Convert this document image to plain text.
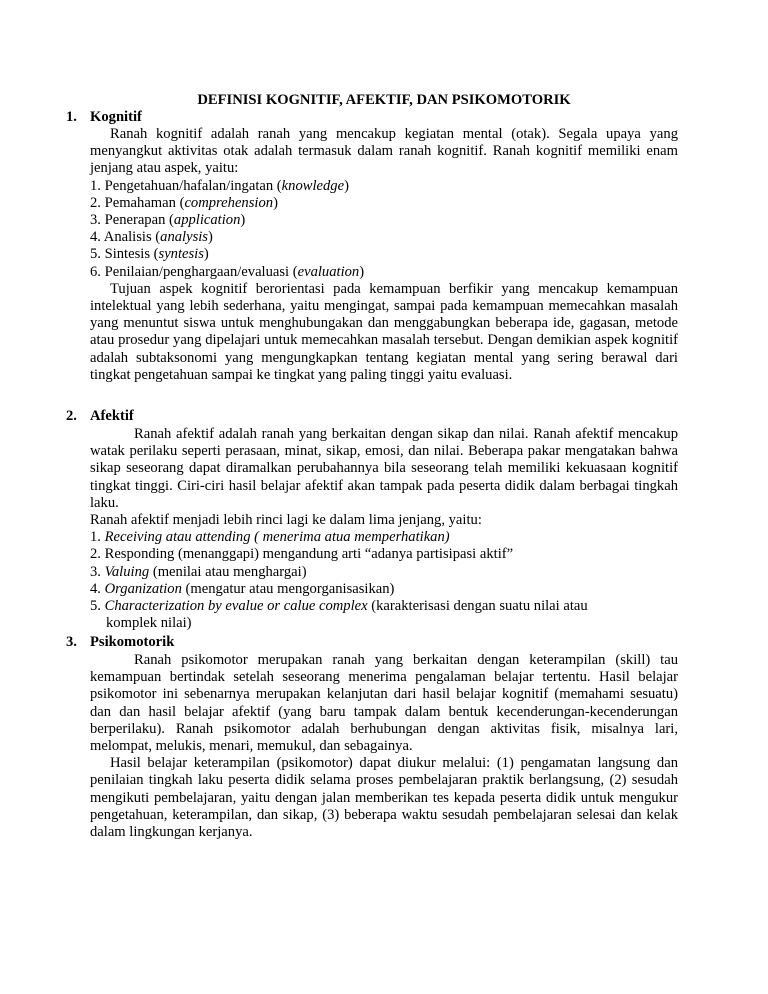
DEFINISI KOGNITIF, AFEKTIF, DAN PSIKOMOTORIK
1. Kognitif

Ranah kognitif adalah ranah yang mencakup kegiatan mental (otak). Segala upaya yang menyangkut aktivitas otak adalah termasuk dalam ranah kognitif. Ranah kognitif memiliki enam jenjang atau aspek, yaitu:

1. Pengetahuan/hafalan/ingatan (knowledge)
2. Pemahaman (comprehension)
3. Penerapan (application)
4. Analisis (analysis)
5. Sintesis (syntesis)
6. Penilaian/penghargaan/evaluasi (evaluation)

Tujuan aspek kognitif berorientasi pada kemampuan berfikir yang mencakup kemampuan intelektual yang lebih sederhana, yaitu mengingat, sampai pada kemampuan memecahkan masalah yang menuntut siswa untuk menghubungakan dan menggabungkan beberapa ide, gagasan, metode atau prosedur yang dipelajari untuk memecahkan masalah tersebut. Dengan demikian aspek kognitif adalah subtaksonomi yang mengungkapkan tentang kegiatan mental yang sering berawal dari tingkat pengetahuan sampai ke tingkat yang paling tinggi yaitu evaluasi.

2. Afektif

Ranah afektif adalah ranah yang berkaitan dengan sikap dan nilai. Ranah afektif mencakup watak perilaku seperti perasaan, minat, sikap, emosi, dan nilai. Beberapa pakar mengatakan bahwa sikap seseorang dapat diramalkan perubahannya bila seseorang telah memiliki kekuasaan kognitif tingkat tinggi. Ciri-ciri hasil belajar afektif akan tampak pada peserta didik dalam berbagai tingkah laku.

Ranah afektif menjadi lebih rinci lagi ke dalam lima jenjang, yaitu:

1. Receiving atau attending ( menerima atua memperhatikan)
2. Responding (menanggapi) mengandung arti “adanya partisipasi aktif”
3. Valuing (menilai atau menghargai)
4. Organization (mengatur atau mengorganisasikan)
5. Characterization by evalue or calue complex (karakterisasi dengan suatu nilai atau
komplek nilai)
3. Psikomotorik

Ranah psikomotor merupakan ranah yang berkaitan dengan keterampilan (skill) tau kemampuan bertindak setelah seseorang menerima pengalaman belajar tertentu. Hasil belajar psikomotor ini sebenarnya merupakan kelanjutan dari hasil belajar kognitif (memahami sesuatu) dan dan hasil belajar afektif (yang baru tampak dalam bentuk kecenderungan-kecenderungan berperilaku). Ranah psikomotor adalah berhubungan dengan aktivitas fisik, misalnya lari, melompat, melukis, menari, memukul, dan sebagainya.

Hasil belajar keterampilan (psikomotor) dapat diukur melalui: (1) pengamatan langsung dan penilaian tingkah laku peserta didik selama proses pembelajaran praktik berlangsung, (2) sesudah mengikuti pembelajaran, yaitu dengan jalan memberikan tes kepada peserta didik untuk mengukur pengetahuan, keterampilan, dan sikap, (3) beberapa waktu sesudah pembelajaran selesai dan kelak dalam lingkungan kerjanya.
